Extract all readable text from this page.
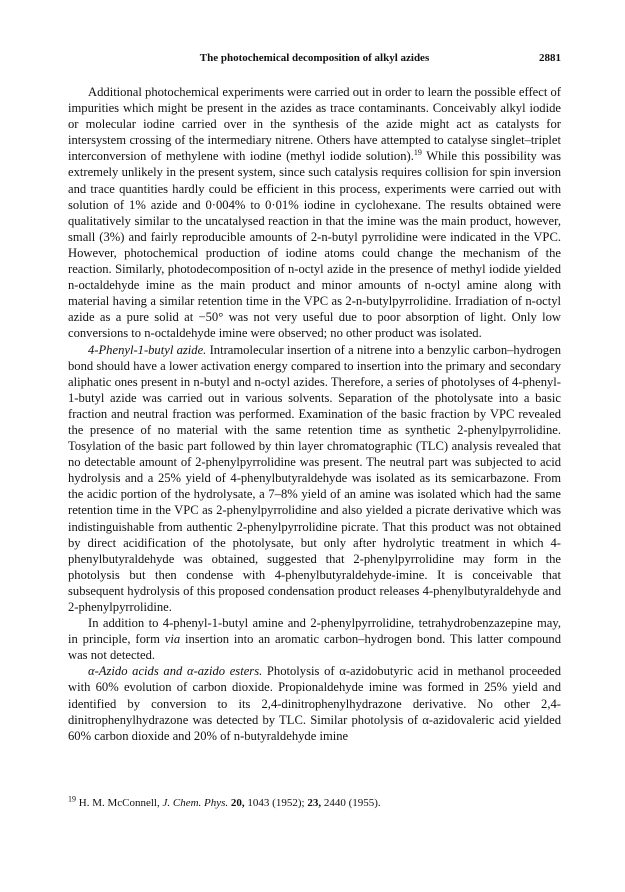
The photochemical decomposition of alkyl azides	2881

Additional photochemical experiments were carried out in order to learn the possible effect of impurities which might be present in the azides as trace contaminants. Conceivably alkyl iodide or molecular iodine carried over in the synthesis of the azide might act as catalysts for intersystem crossing of the intermediary nitrene. Others have attempted to catalyse singlet–triplet interconversion of methylene with iodine (methyl iodide solution).$^{19}$ While this possibility was extremely unlikely in the present system, since such catalysis requires collision for spin inversion and trace quantities hardly could be efficient in this process, experiments were carried out with solution of 1% azide and 0·004% to 0·01% iodine in cyclohexane. The results obtained were qualitatively similar to the uncatalysed reaction in that the imine was the main product, however, small (3%) and fairly reproducible amounts of 2-n-butyl pyrrolidine were indicated in the VPC. However, photochemical production of iodine atoms could change the mechanism of the reaction. Similarly, photodecomposition of n-octyl azide in the presence of methyl iodide yielded n-octaldehyde imine as the main product and minor amounts of n-octyl amine along with material having a similar retention time in the VPC as 2-n-butylpyrrolidine. Irradiation of n-octyl azide as a pure solid at −50° was not very useful due to poor absorption of light. Only low conversions to n-octaldehyde imine were observed; no other product was isolated.

4-Phenyl-1-butyl azide. Intramolecular insertion of a nitrene into a benzylic carbon–hydrogen bond should have a lower activation energy compared to insertion into the primary and secondary aliphatic ones present in n-butyl and n-octyl azides. Therefore, a series of photolyses of 4-phenyl-1-butyl azide was carried out in various solvents. Separation of the photolysate into a basic fraction and neutral fraction was performed. Examination of the basic fraction by VPC revealed the presence of no material with the same retention time as synthetic 2-phenylpyrrolidine. Tosylation of the basic part followed by thin layer chromatographic (TLC) analysis revealed that no detectable amount of 2-phenylpyrrolidine was present. The neutral part was subjected to acid hydrolysis and a 25% yield of 4-phenylbutyraldehyde was isolated as its semicarbazone. From the acidic portion of the hydrolysate, a 7–8% yield of an amine was isolated which had the same retention time in the VPC as 2-phenylpyrrolidine and also yielded a picrate derivative which was indistinguishable from authentic 2-phenylpyrrolidine picrate. That this product was not obtained by direct acidification of the photolysate, but only after hydrolytic treatment in which 4-phenylbutyraldehyde was obtained, suggested that 2-phenylpyrrolidine may form in the photolysis but then condense with 4-phenylbutyraldehyde-imine. It is conceivable that subsequent hydrolysis of this proposed condensation product releases 4-phenylbutyraldehyde and 2-phenylpyrrolidine.

In addition to 4-phenyl-1-butyl amine and 2-phenylpyrrolidine, tetrahydrobenzazepine may, in principle, form via insertion into an aromatic carbon–hydrogen bond. This latter compound was not detected.

α-Azido acids and α-azido esters. Photolysis of α-azidobutyric acid in methanol proceeded with 60% evolution of carbon dioxide. Propionaldehyde imine was formed in 25% yield and identified by conversion to its 2,4-dinitrophenylhydrazone derivative. No other 2,4-dinitrophenylhydrazone was detected by TLC. Similar photolysis of α-azidovaleric acid yielded 60% carbon dioxide and 20% of n-butyraldehyde imine

$^{19}$ H. M. McConnell, J. Chem. Phys. 20, 1043 (1952); 23, 2440 (1955).
